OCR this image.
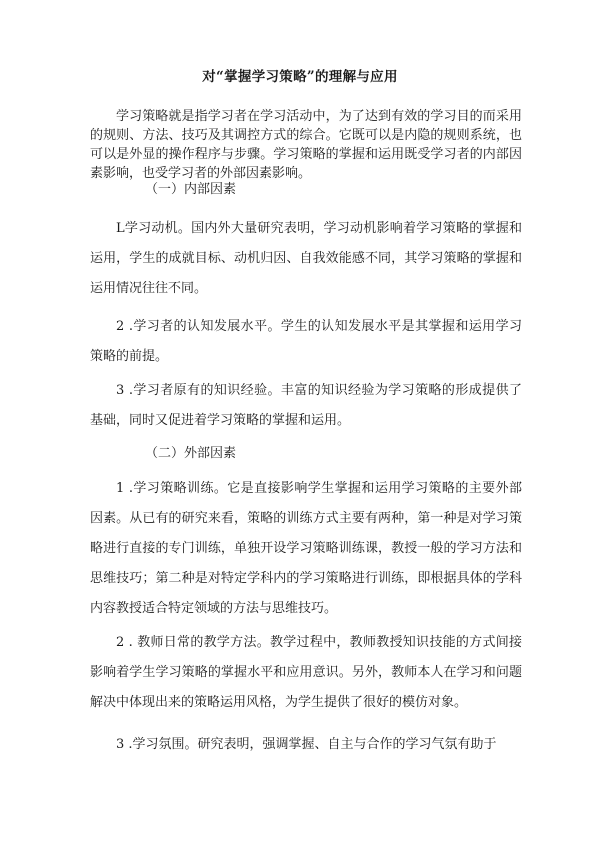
对“掌握学习策略”的理解与应用

学习策略就是指学习者在学习活动中，为了达到有效的学习目的而采用的规则、方法、技巧及其调控方式的综合。它既可以是内隐的规则系统，也可以是外显的操作程序与步骤。学习策略的掌握和运用既受学习者的内部因素影响，也受学习者的外部因素影响。

（一）内部因素

L学习动机。国内外大量研究表明，学习动机影响着学习策略的掌握和运用，学生的成就目标、动机归因、自我效能感不同，其学习策略的掌握和运用情况往往不同。

2 .学习者的认知发展水平。学生的认知发展水平是其掌握和运用学习策略的前提。

3 .学习者原有的知识经验。丰富的知识经验为学习策略的形成提供了基础，同时又促进着学习策略的掌握和运用。

（二）外部因素

1 .学习策略训练。它是直接影响学生掌握和运用学习策略的主要外部因素。从已有的研究来看，策略的训练方式主要有两种，第一种是对学习策略进行直接的专门训练，单独开设学习策略训练课，教授一般的学习方法和思维技巧；第二种是对特定学科内的学习策略进行训练，即根据具体的学科内容教授适合特定领域的方法与思维技巧。

2 . 教师日常的教学方法。教学过程中，教师教授知识技能的方式间接影响着学生学习策略的掌握水平和应用意识。另外，教师本人在学习和问题解决中体现出来的策略运用风格，为学生提供了很好的模仿对象。

3 .学习氛围。研究表明，强调掌握、自主与合作的学习气氛有助于
